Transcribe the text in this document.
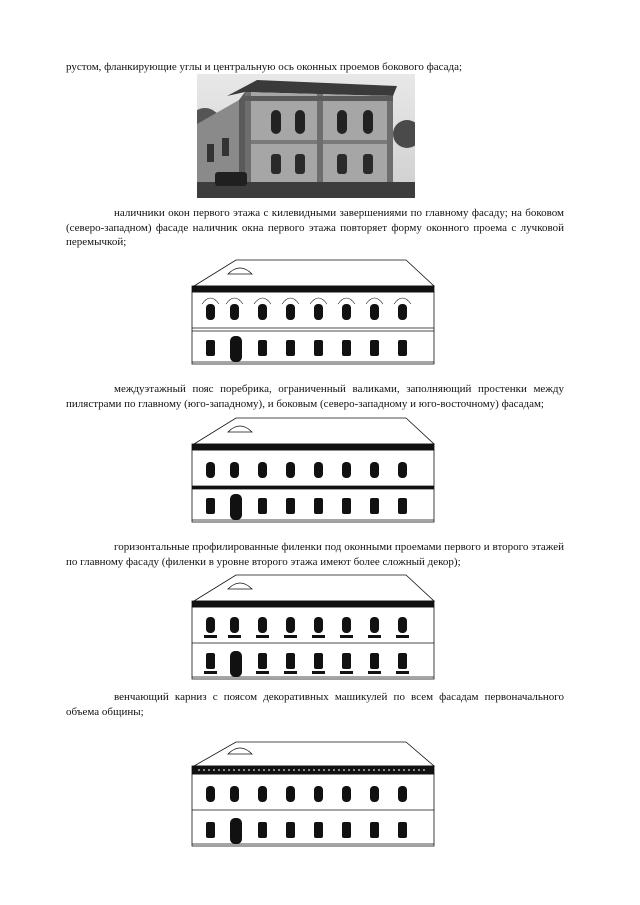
рустом, фланкирующие углы и центральную ось оконных проемов бокового фасада;

наличники окон первого этажа с килевидными завершениями по главному фасаду; на боковом (северо-западном) фасаде наличник окна первого этажа повторяет форму оконного проема с лучковой перемычкой;

междуэтажный пояс поребрика, ограниченный валиками, заполняющий простенки между пилястрами по главному (юго-западному), и боковым (северо-западному и юго-восточному) фасадам;

горизонтальные профилированные филенки под оконными проемами первого и второго этажей по главному фасаду (филенки в уровне второго этажа имеют более сложный декор);

венчающий карниз с поясом декоративных машикулей по всем фасадам первоначального объема общины;
